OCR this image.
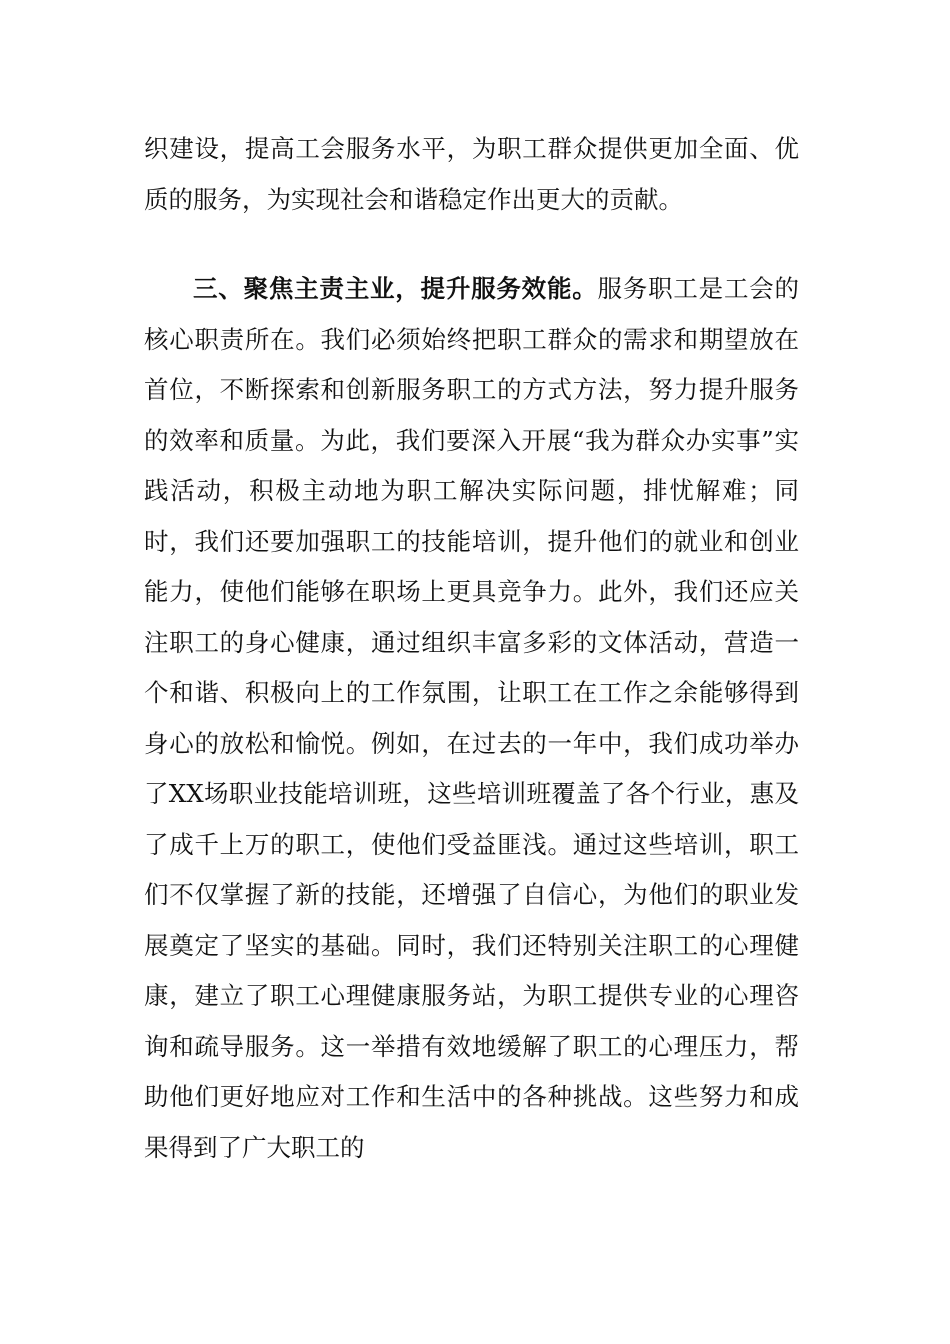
织建设，提高工会服务水平，为职工群众提供更加全面、优质的服务，为实现社会和谐稳定作出更大的贡献。

三、聚焦主责主业，提升服务效能。服务职工是工会的核心职责所在。我们必须始终把职工群众的需求和期望放在首位，不断探索和创新服务职工的方式方法，努力提升服务的效率和质量。为此，我们要深入开展“我为群众办实事”实践活动，积极主动地为职工解决实际问题，排忧解难；同时，我们还要加强职工的技能培训，提升他们的就业和创业能力，使他们能够在职场上更具竞争力。此外，我们还应关注职工的身心健康，通过组织丰富多彩的文体活动，营造一个和谐、积极向上的工作氛围，让职工在工作之余能够得到身心的放松和愉悦。例如，在过去的一年中，我们成功举办了XX场职业技能培训班，这些培训班覆盖了各个行业，惠及了成千上万的职工，使他们受益匪浅。通过这些培训，职工们不仅掌握了新的技能，还增强了自信心，为他们的职业发展奠定了坚实的基础。同时，我们还特别关注职工的心理健康，建立了职工心理健康服务站，为职工提供专业的心理咨询和疏导服务。这一举措有效地缓解了职工的心理压力，帮助他们更好地应对工作和生活中的各种挑战。这些努力和成果得到了广大职工的
